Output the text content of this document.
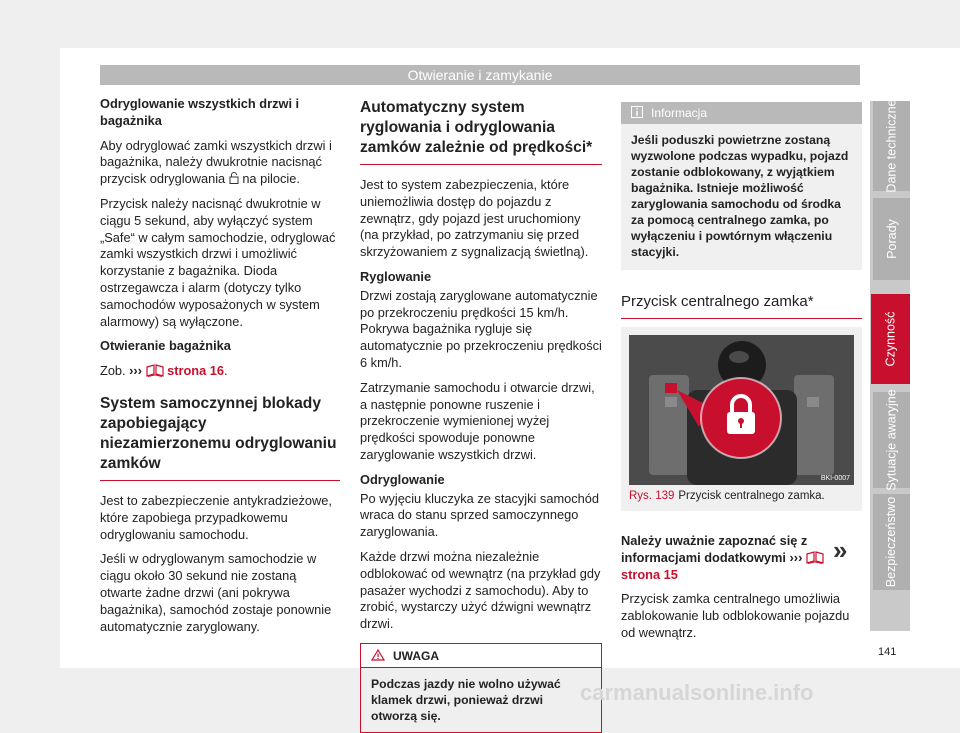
Otwieranie i zamykanie

Odryglowanie wszystkich drzwi i bagażnika

Aby odryglować zamki wszystkich drzwi i bagażnika, należy dwukrotnie nacisnąć przycisk odryglowania na pilocie.

Przycisk należy nacisnąć dwukrotnie w ciągu 5 sekund, aby wyłączyć system „Safe“ w całym samochodzie, odryglować zamki wszystkich drzwi i umożliwić korzystanie z bagażnika. Dioda ostrzegawcza i alarm (dotyczy tylko samochodów wyposażonych w system alarmowy) są wyłączone.

Otwieranie bagażnika

Zob. ››› strona 16.

System samoczynnej blokady zapobiegający niezamierzonemu odryglowaniu zamków

Jest to zabezpieczenie antykradzieżowe, które zapobiega przypadkowemu odryglowaniu samochodu.

Jeśli w odryglowanym samochodzie w ciągu około 30 sekund nie zostaną otwarte żadne drzwi (ani pokrywa bagażnika), samochód zostaje ponownie automatycznie zaryglowany.

Automatyczny system ryglowania i odryglowania zamków zależnie od prędkości*

Jest to system zabezpieczenia, które uniemożliwia dostęp do pojazdu z zewnątrz, gdy pojazd jest uruchomiony (na przykład, po zatrzymaniu się przed skrzyżowaniem z sygnalizacją świetlną).

Ryglowanie

Drzwi zostają zaryglowane automatycznie po przekroczeniu prędkości 15 km/h. Pokrywa bagażnika rygluje się automatycznie po przekroczeniu prędkości 6 km/h.

Zatrzymanie samochodu i otwarcie drzwi, a następnie ponowne ruszenie i przekroczenie wymienionej wyżej prędkości spowoduje ponowne zaryglowanie wszystkich drzwi.

Odryglowanie

Po wyjęciu kluczyka ze stacyjki samochód wraca do stanu sprzed samoczynnego zaryglowania.

Każde drzwi można niezależnie odblokować od wewnątrz (na przykład gdy pasażer wychodzi z samochodu). Aby to zrobić, wystarczy użyć dźwigni wewnątrz drzwi.

UWAGA
Podczas jazdy nie wolno używać klamek drzwi, ponieważ drzwi otworzą się.
Informacja
Jeśli poduszki powietrzne zostaną wyzwolone podczas wypadku, pojazd zostanie odblokowany, z wyjątkiem bagażnika. Istnieje możliwość zaryglowania samochodu od środka za pomocą centralnego zamka, po wyłączeniu i powtórnym włączeniu stacyjki.
Przycisk centralnego zamka*
BKI-0007
Rys. 139 Przycisk centralnego zamka.

Należy uważnie zapoznać się z informacjami dodatkowymi ›››  strona 15

Przycisk zamka centralnego umożliwia zablokowanie lub odblokowanie pojazdu od wewnątrz.

»
Dane techniczne
Porady
Czynność
Sytuacje awaryjne
Bezpieczeństwo
141
carmanualsonline.info
